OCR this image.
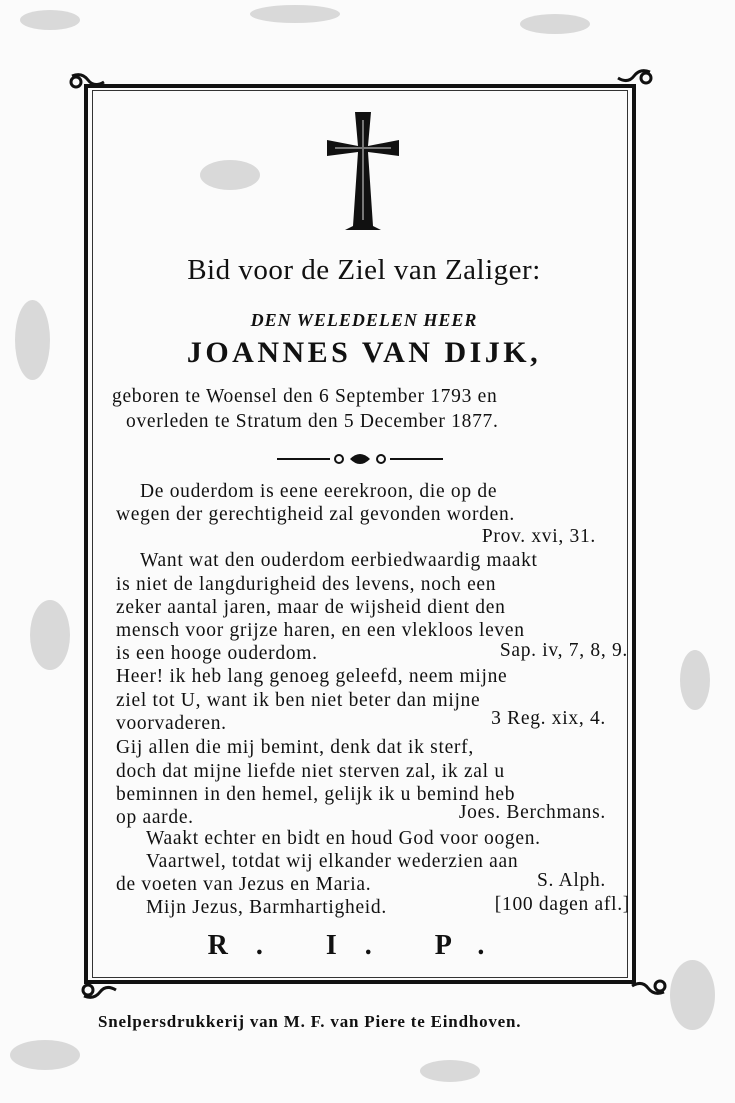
Bid voor de Ziel van Zaliger:
DEN WELEDELEN HEER
JOANNES VAN DIJK,
geboren te Woensel den 6 September 1793 en
overleden te Stratum den 5 December 1877.
De ouderdom is eene eerekroon, die op de
wegen der gerechtigheid zal gevonden worden.
Prov. xvi, 31.
Want wat den ouderdom eerbiedwaardig maakt
is niet de langdurigheid des levens, noch een
zeker aantal jaren, maar de wijsheid dient den
mensch voor grijze haren, en een vlekloos leven
is een hooge ouderdom.	Sap. iv, 7, 8, 9.
Heer! ik heb lang genoeg geleefd, neem mijne
ziel tot U, want ik ben niet beter dan mijne
voorvaderen.	3 Reg. xix, 4.
Gij allen die mij bemint, denk dat ik sterf,
doch dat mijne liefde niet sterven zal, ik zal u
beminnen in den hemel, gelijk ik u bemind heb
op aarde.	Joes. Berchmans.
Waakt echter en bidt en houd God voor oogen.
Vaartwel, totdat wij elkander wederzien aan
de voeten van Jezus en Maria.	S. Alph.
Mijn Jezus, Barmhartigheid.	[100 dagen afl.]
R. I. P.
Snelpersdrukkerij van M. F. van Piere te Eindhoven.
